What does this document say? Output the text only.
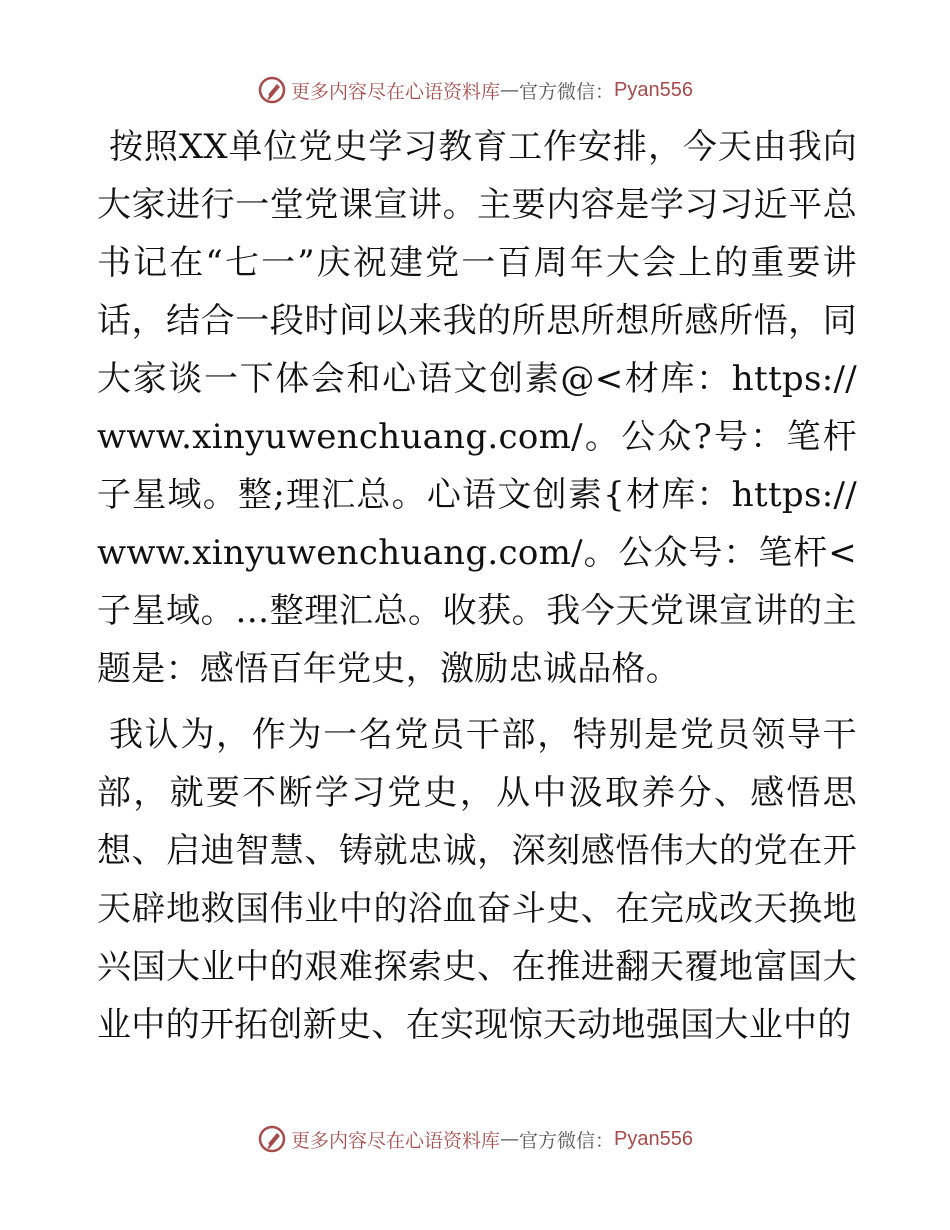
更多内容尽在心语资料库 — 官方微信： Pyan556

按照XX单位党史学习教育工作安排，今天由我向大家进行一堂党课宣讲。主要内容是学习习近平总书记在“七一”庆祝建党一百周年大会上的重要讲话，结合一段时间以来我的所思所想所感所悟，同大家谈一下体会和心语文创素@<材库：https://www.xinyuwenchuang.com/。公众?号：笔杆子星域。整;理汇总。心语文创素{材库：https://www.xinyuwenchuang.com/。公众号：笔杆<子星域。…整理汇总。收获。我今天党课宣讲的主题是：感悟百年党史，激励忠诚品格。

我认为，作为一名党员干部，特别是党员领导干部，就要不断学习党史，从中汲取养分、感悟思想、启迪智慧、铸就忠诚，深刻感悟伟大的党在开天辟地救国伟业中的浴血奋斗史、在完成改天换地兴国大业中的艰难探索史、在推进翻天覆地富国大业中的开拓创新史、在实现惊天动地强国大业中的

更多内容尽在心语资料库 — 官方微信： Pyan556
